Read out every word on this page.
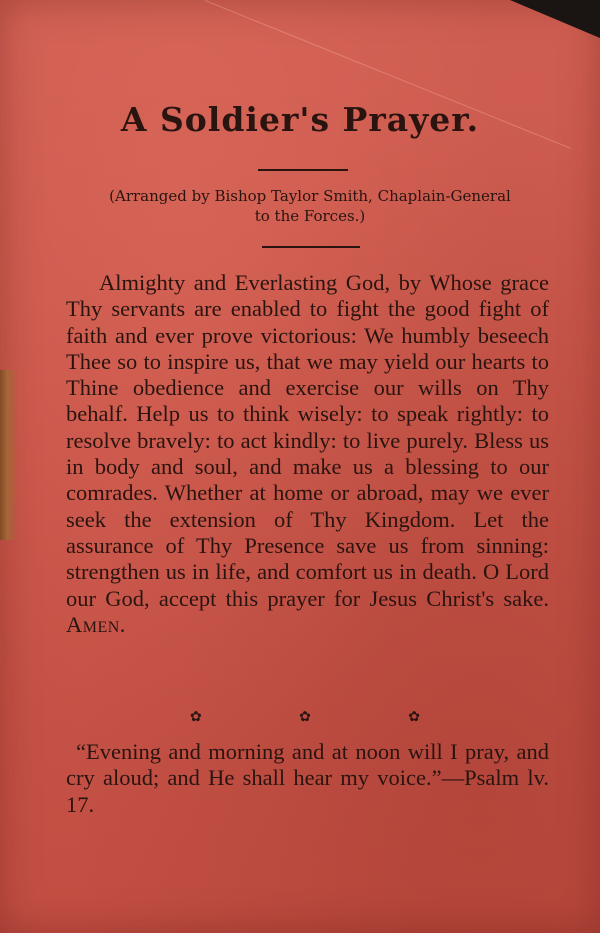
A Soldier's Prayer.
(Arranged by Bishop Taylor Smith, Chaplain-General to the Forces.)

Almighty and Everlasting God, by Whose grace Thy servants are enabled to fight the good fight of faith and ever prove victorious: We humbly beseech Thee so to inspire us, that we may yield our hearts to Thine obedience and exercise our wills on Thy behalf. Help us to think wisely: to speak rightly: to resolve bravely: to act kindly: to live purely. Bless us in body and soul, and make us a blessing to our comrades. Whether at home or abroad, may we ever seek the extension of Thy Kingdom. Let the assurance of Thy Presence save us from sinning: strengthen us in life, and comfort us in death. O Lord our God, accept this prayer for Jesus Christ's sake. Amen.

✿	✿	✿

“Evening and morning and at noon will I pray, and cry aloud; and He shall hear my voice.”—Psalm lv. 17.
